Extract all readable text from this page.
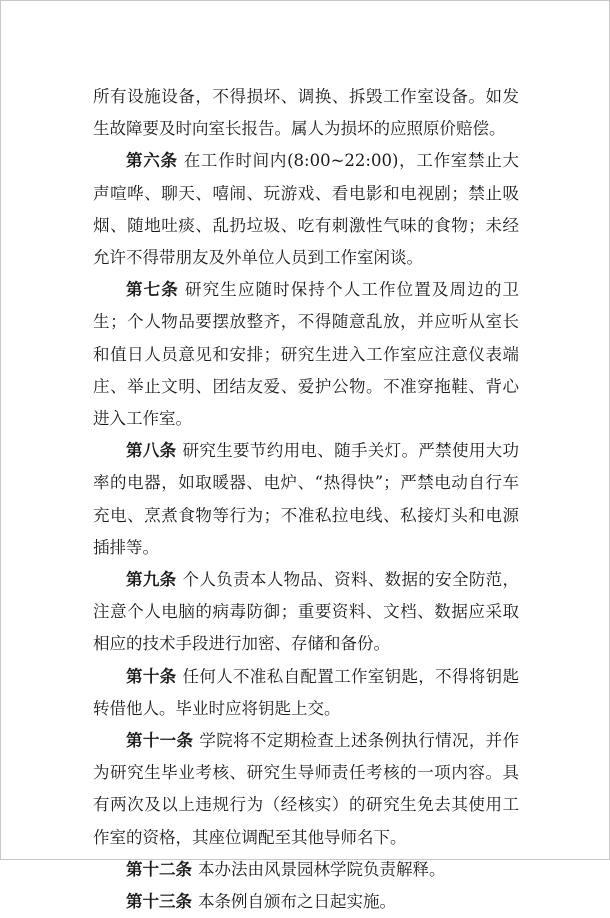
所有设施设备，不得损坏、调换、拆毁工作室设备。如发生故障要及时向室长报告。属人为损坏的应照原价赔偿。

第六条 在工作时间内(8:00~22:00)，工作室禁止大声喧哗、聊天、嘻闹、玩游戏、看电影和电视剧；禁止吸烟、随地吐痰、乱扔垃圾、吃有刺激性气味的食物；未经允许不得带朋友及外单位人员到工作室闲谈。

第七条 研究生应随时保持个人工作位置及周边的卫生；个人物品要摆放整齐，不得随意乱放，并应听从室长和值日人员意见和安排；研究生进入工作室应注意仪表端庄、举止文明、团结友爱、爱护公物。不准穿拖鞋、背心进入工作室。

第八条 研究生要节约用电、随手关灯。严禁使用大功率的电器，如取暖器、电炉、“热得快”；严禁电动自行车充电、烹煮食物等行为；不准私拉电线、私接灯头和电源插排等。

第九条 个人负责本人物品、资料、数据的安全防范，注意个人电脑的病毒防御；重要资料、文档、数据应采取相应的技术手段进行加密、存储和备份。

第十条 任何人不准私自配置工作室钥匙，不得将钥匙转借他人。毕业时应将钥匙上交。

第十一条 学院将不定期检查上述条例执行情况，并作为研究生毕业考核、研究生导师责任考核的一项内容。具有两次及以上违规行为（经核实）的研究生免去其使用工作室的资格，其座位调配至其他导师名下。

第十二条 本办法由风景园林学院负责解释。

第十三条 本条例自颁布之日起实施。
